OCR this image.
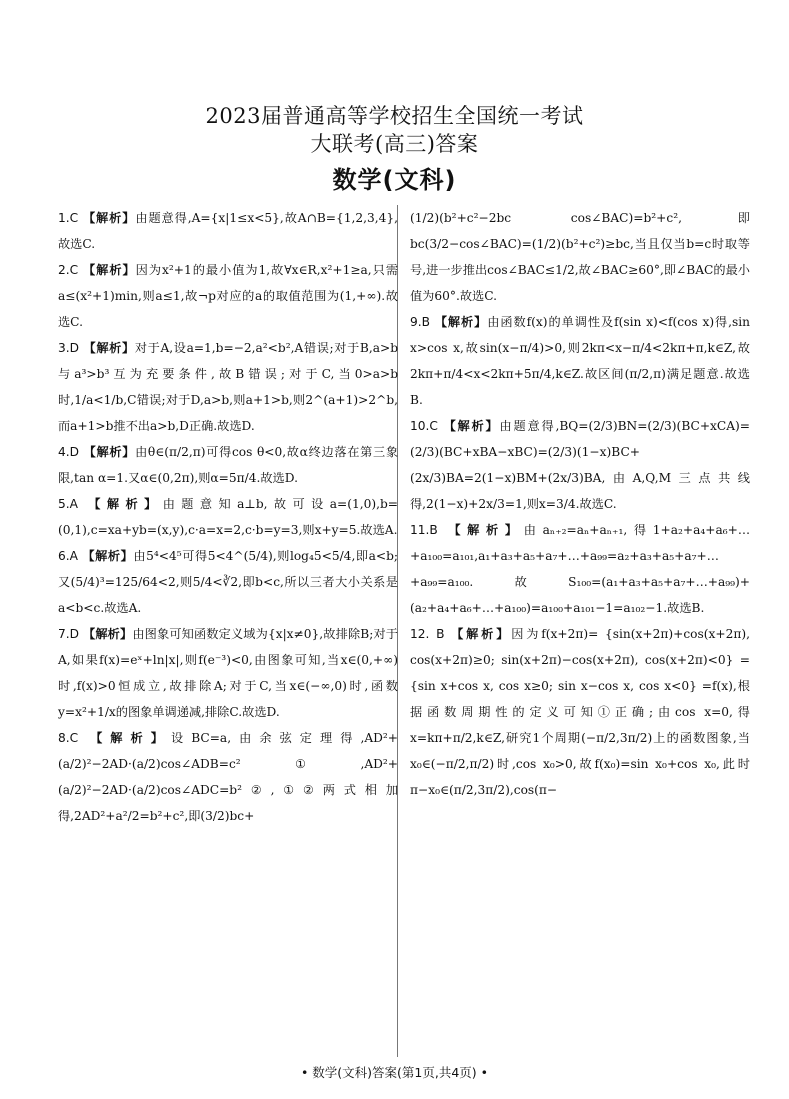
2023届普通高等学校招生全国统一考试
大联考(高三)答案
数学(文科)

1.C 【解析】由题意得,A={x|1≤x<5},故A∩B={1,2,3,4},故选C.

2.C 【解析】因为x²+1的最小值为1,故∀x∈R,x²+1≥a,只需a≤(x²+1)min,则a≤1,故¬p对应的a的取值范围为(1,+∞).故选C.

3.D 【解析】对于A,设a=1,b=−2,a²<b²,A错误;对于B,a>b与a³>b³互为充要条件,故B错误;对于C,当0>a>b时,1/a<1/b,C错误;对于D,a>b,则a+1>b,则2^(a+1)>2^b,而a+1>b推不出a>b,D正确.故选D.

4.D 【解析】由θ∈(π/2,π)可得cos θ<0,故α终边落在第三象限,tan α=1.又α∈(0,2π),则α=5π/4.故选D.

5.A 【解析】由题意知a⊥b,故可设a=(1,0),b=(0,1),c=xa+yb=(x,y),c·a=x=2,c·b=y=3,则x+y=5.故选A.

6.A 【解析】由5⁴<4⁵可得5<4^(5/4),则log₄5<5/4,即a<b;又(5/4)³=125/64<2,则5/4<∛2,即b<c,所以三者大小关系是a<b<c.故选A.

7.D 【解析】由图象可知函数定义域为{x|x≠0},故排除B;对于A,如果f(x)=eˣ+ln|x|,则f(e⁻³)<0,由图象可知,当x∈(0,+∞)时,f(x)>0恒成立,故排除A;对于C,当x∈(−∞,0)时,函数y=x²+1/x的图象单调递减,排除C.故选D.

8.C 【解析】设BC=a,由余弦定理得,AD²+(a/2)²−2AD·(a/2)cos∠ADB=c²①,AD²+(a/2)²−2AD·(a/2)cos∠ADC=b²②,①②两式相加得,2AD²+a²/2=b²+c²,即(3/2)bc+

(1/2)(b²+c²−2bc cos∠BAC)=b²+c²,即bc(3/2−cos∠BAC)=(1/2)(b²+c²)≥bc,当且仅当b=c时取等号,进一步推出cos∠BAC≤1/2,故∠BAC≥60°,即∠BAC的最小值为60°.故选C.

9.B 【解析】由函数f(x)的单调性及f(sin x)<f(cos x)得,sin x>cos x,故sin(x−π/4)>0,则2kπ<x−π/4<2kπ+π,k∈Z,故2kπ+π/4<x<2kπ+5π/4,k∈Z.故区间(π/2,π)满足题意.故选B.

10.C 【解析】由题意得,BQ=(2/3)BN=(2/3)(BC+xCA)=(2/3)(BC+xBA−xBC)=(2/3)(1−x)BC+(2x/3)BA=2(1−x)BM+(2x/3)BA,由A,Q,M三点共线得,2(1−x)+2x/3=1,则x=3/4.故选C.

11.B 【解析】由aₙ₊₂=aₙ+aₙ₊₁,得1+a₂+a₄+a₆+…+a₁₀₀=a₁₀₁,a₁+a₃+a₅+a₇+…+a₉₉=a₂+a₃+a₅+a₇+…+a₉₉=a₁₀₀.故S₁₀₀=(a₁+a₃+a₅+a₇+…+a₉₉)+(a₂+a₄+a₆+…+a₁₀₀)=a₁₀₀+a₁₀₁−1=a₁₀₂−1.故选B.

12. B 【解析】因为f(x+2π)= {sin(x+2π)+cos(x+2π), cos(x+2π)≥0; sin(x+2π)−cos(x+2π), cos(x+2π)<0} = {sin x+cos x, cos x≥0; sin x−cos x, cos x<0} =f(x),根据函数周期性的定义可知①正确;由cos x=0,得x=kπ+π/2,k∈Z,研究1个周期(−π/2,3π/2)上的函数图象,当x₀∈(−π/2,π/2)时,cos x₀>0,故f(x₀)=sin x₀+cos x₀,此时π−x₀∈(π/2,3π/2),cos(π−

• 数学(文科)答案(第1页,共4页) •
